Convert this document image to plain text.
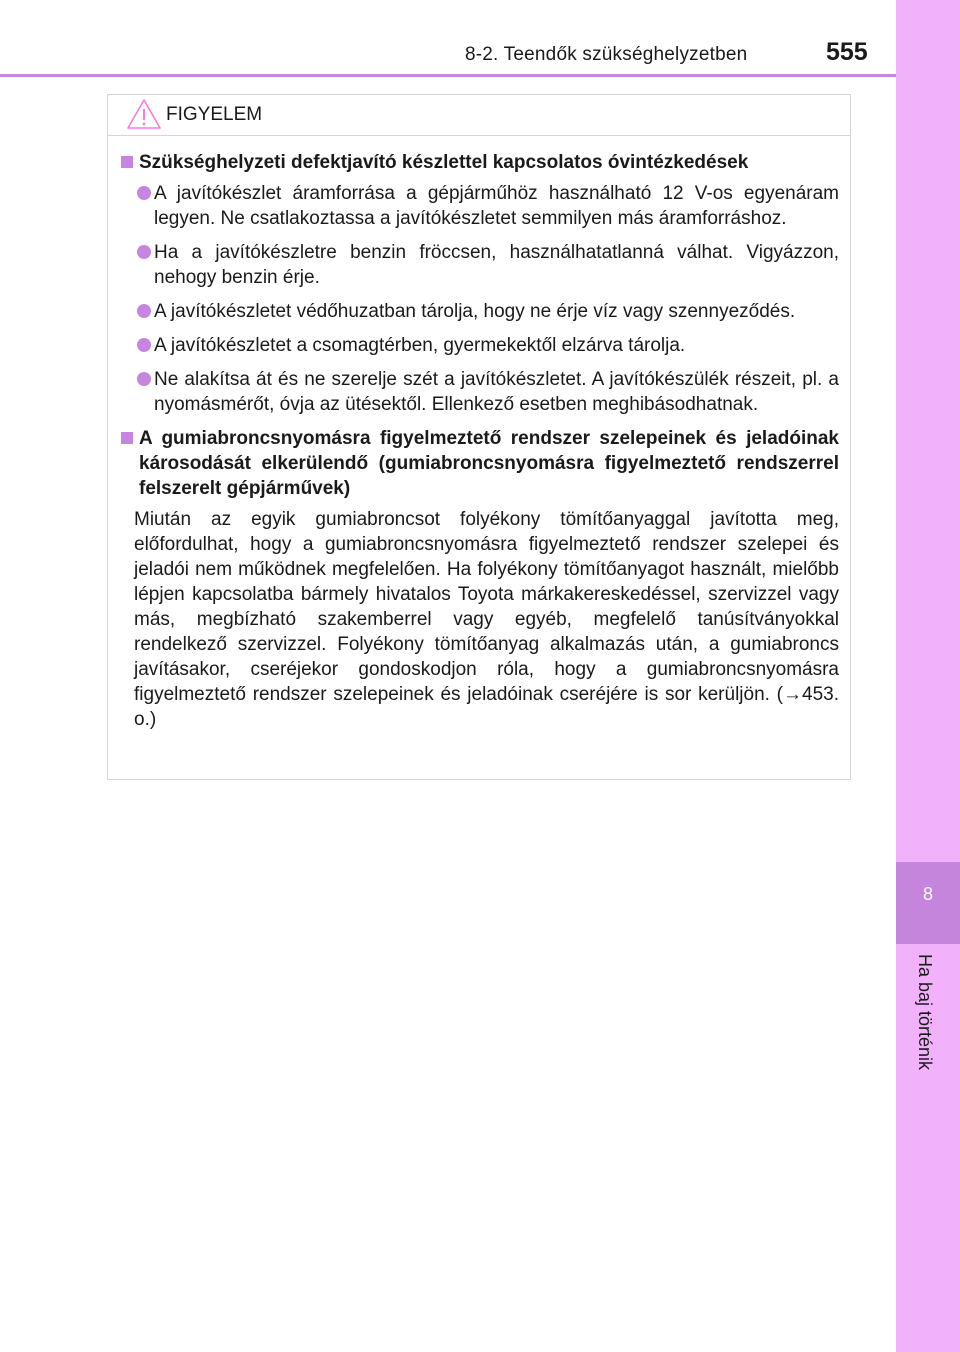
8-2. Teendők szükséghelyzetben	555
8
Ha baj történik
FIGYELEM
Szükséghelyzeti defektjavító készlettel kapcsolatos óvintézkedések
A javítókészlet áramforrása a gépjárműhöz használható 12 V-os egyenáram legyen. Ne csatlakoztassa a javítókészletet semmilyen más áramforráshoz.
Ha a javítókészletre benzin fröccsen, használhatatlanná válhat. Vigyázzon, nehogy benzin érje.
A javítókészletet védőhuzatban tárolja, hogy ne érje víz vagy szennyeződés.
A javítókészletet a csomagtérben, gyermekektől elzárva tárolja.
Ne alakítsa át és ne szerelje szét a javítókészletet. A javítókészülék részeit, pl. a nyomásmérőt, óvja az ütésektől. Ellenkező esetben meghibásodhatnak.
A gumiabroncsnyomásra figyelmeztető rendszer szelepeinek és jeladóinak károsodását elkerülendő (gumiabroncsnyomásra figyelmeztető rendszerrel felszerelt gépjárművek)
Miután az egyik gumiabroncsot folyékony tömítőanyaggal javította meg, előfordulhat, hogy a gumiabroncsnyomásra figyelmeztető rendszer szelepei és jeladói nem működnek megfelelően. Ha folyékony tömítőanyagot használt, mielőbb lépjen kapcsolatba bármely hivatalos Toyota márkakereskedéssel, szervizzel vagy más, megbízható szakemberrel vagy egyéb, megfelelő tanúsítványokkal rendelkező szervizzel. Folyékony tömítőanyag alkalmazás után, a gumiabroncs javításakor, cseréjekor gondoskodjon róla, hogy a gumiabroncsnyomásra figyelmeztető rendszer szelepeinek és jeladóinak cseréjére is sor kerüljön. (→453. o.)
